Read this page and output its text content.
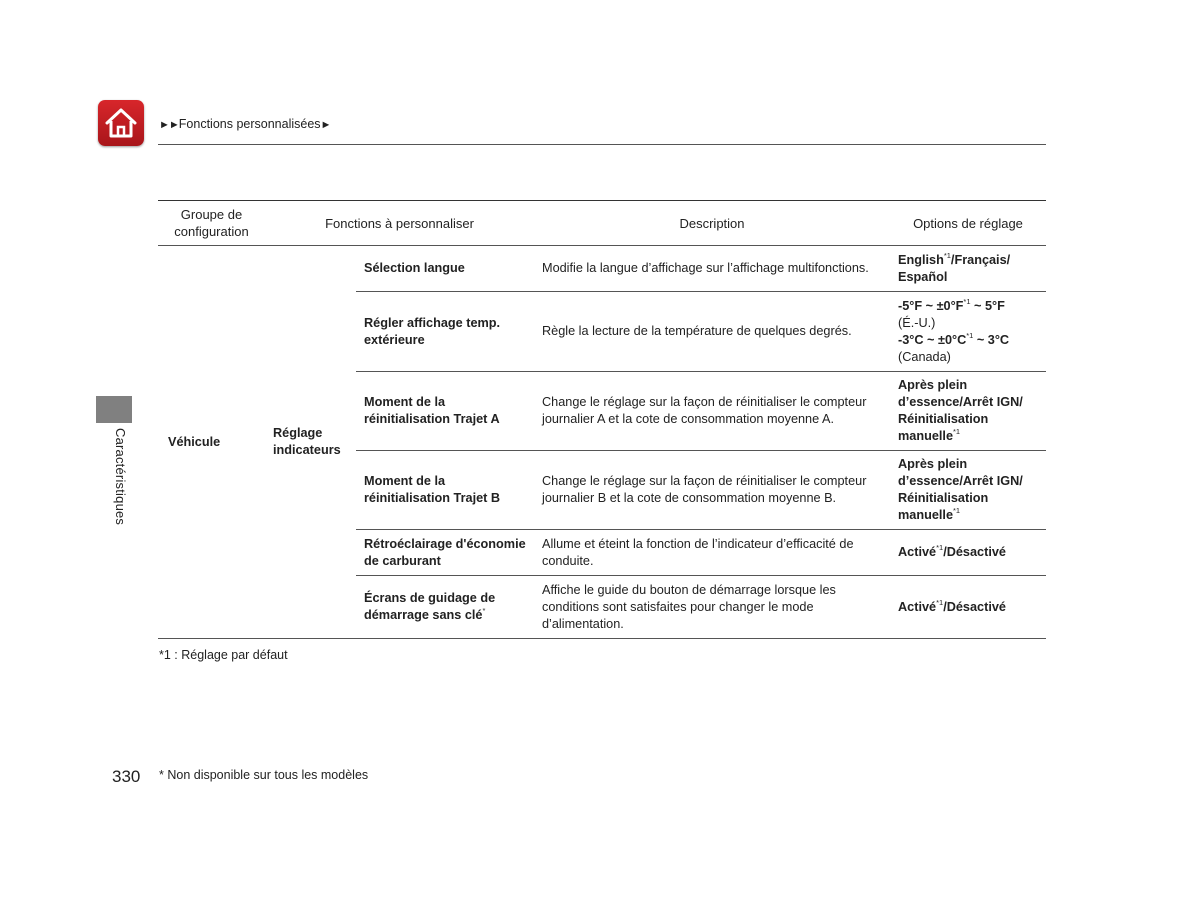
►►Fonctions personnalisées►
Caractéristiques
Groupe de configuration	Fonctions à personnaliser		Description	Options de réglage
Véhicule	Réglage indicateurs	Sélection langue	Modifie la langue d’affichage sur l’affichage multifonctions.	English$^{*1}$/Français/
Español
		Régler affichage temp. extérieure	Règle la lecture de la température de quelques degrés.	-5°F ~ $\pm 0^\circ F^{*1}$ ~ 5°F
(É.-U.)
-3°C ~ $\pm 0^\circ C^{*1}$ ~ 3°C
(Canada)
		Moment de la réinitialisation Trajet A	Change le réglage sur la façon de réinitialiser le compteur journalier A et la cote de consommation moyenne A.	Après plein d’essence/Arrêt IGN/ Réinitialisation manuelle$^{*1}$
		Moment de la réinitialisation Trajet B	Change le réglage sur la façon de réinitialiser le compteur journalier B et la cote de consommation moyenne B.	Après plein d’essence/Arrêt IGN/ Réinitialisation manuelle$^{*1}$
		Rétroéclairage d'économie de carburant	Allume et éteint la fonction de l’indicateur d’efficacité de conduite.	Activé$^{*1}$/Désactivé
		Écrans de guidage de démarrage sans clé*	Affiche le guide du bouton de démarrage lorsque les conditions sont satisfaites pour changer le mode d’alimentation.	Activé$^{*1}$/Désactivé
*1 : Réglage par défaut
330 * Non disponible sur tous les modèles
